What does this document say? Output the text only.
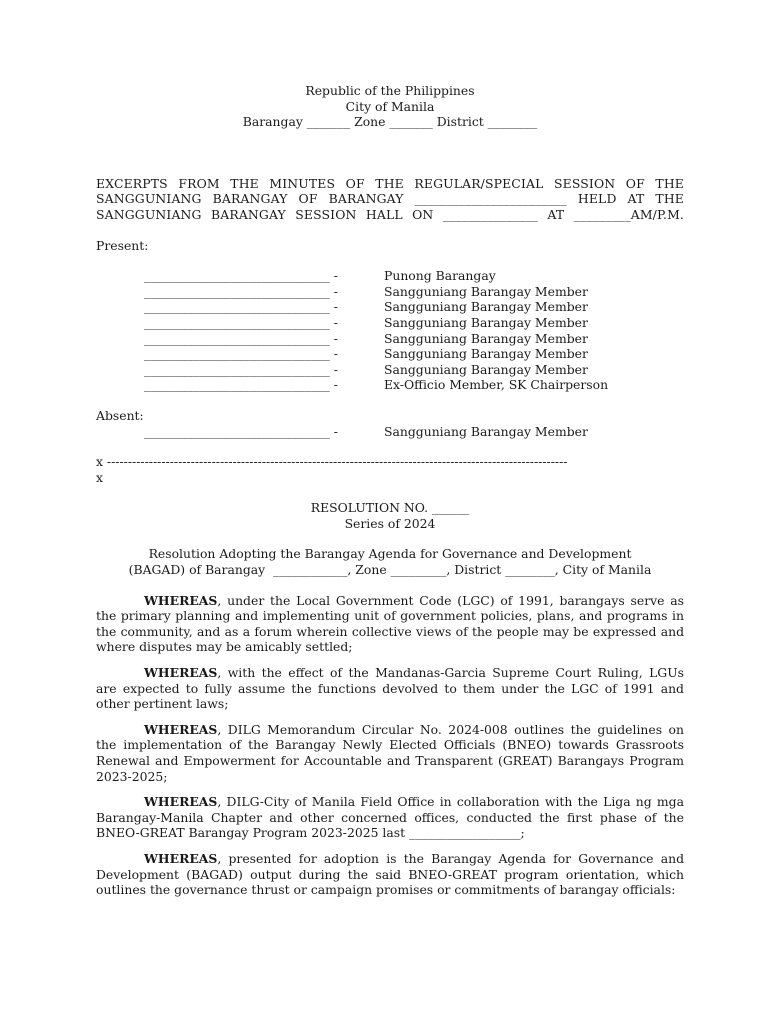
Republic of the Philippines
City of Manila
Barangay _______ Zone _______ District ________
EXCERPTS FROM THE MINUTES OF THE REGULAR/SPECIAL SESSION OF THE
SANGGUNIANG BARANGAY OF BARANGAY ________________________ HELD AT THE
SANGGUNIANG BARANGAY SESSION HALL ON _______________ AT _________AM/P.M.
Present:
______________________________ -	Punong Barangay
______________________________ -	Sangguniang Barangay Member
______________________________ -	Sangguniang Barangay Member
______________________________ -	Sangguniang Barangay Member
______________________________ -	Sangguniang Barangay Member
______________________________ -	Sangguniang Barangay Member
______________________________ -	Sangguniang Barangay Member
______________________________ -	Ex-Officio Member, SK Chairperson
Absent:
______________________________ -	Sangguniang Barangay Member
x --------------------------------------------------------------------------------------------------------------
x
RESOLUTION NO. ______
Series of 2024
Resolution Adopting the Barangay Agenda for Governance and Development
(BAGAD) of Barangay  ____________, Zone _________, District ________, City of Manila

WHEREAS, under the Local Government Code (LGC) of 1991, barangays serve as the primary planning and implementing unit of government policies, plans, and programs in the community, and as a forum wherein collective views of the people may be expressed and where disputes may be amicably settled;

WHEREAS, with the effect of the Mandanas-Garcia Supreme Court Ruling, LGUs are expected to fully assume the functions devolved to them under the LGC of 1991 and other pertinent laws;

WHEREAS, DILG Memorandum Circular No. 2024-008 outlines the guidelines on the implementation of the Barangay Newly Elected Officials (BNEO) towards Grassroots Renewal and Empowerment for Accountable and Transparent (GREAT) Barangays Program 2023-2025;

WHEREAS, DILG-City of Manila Field Office in collaboration with the Liga ng mga Barangay-Manila Chapter and other concerned offices, conducted the first phase of the BNEO-GREAT Barangay Program 2023-2025 last __________________;

WHEREAS, presented for adoption is the Barangay Agenda for Governance and Development (BAGAD) output during the said BNEO-GREAT program orientation, which outlines the governance thrust or campaign promises or commitments of barangay officials:
